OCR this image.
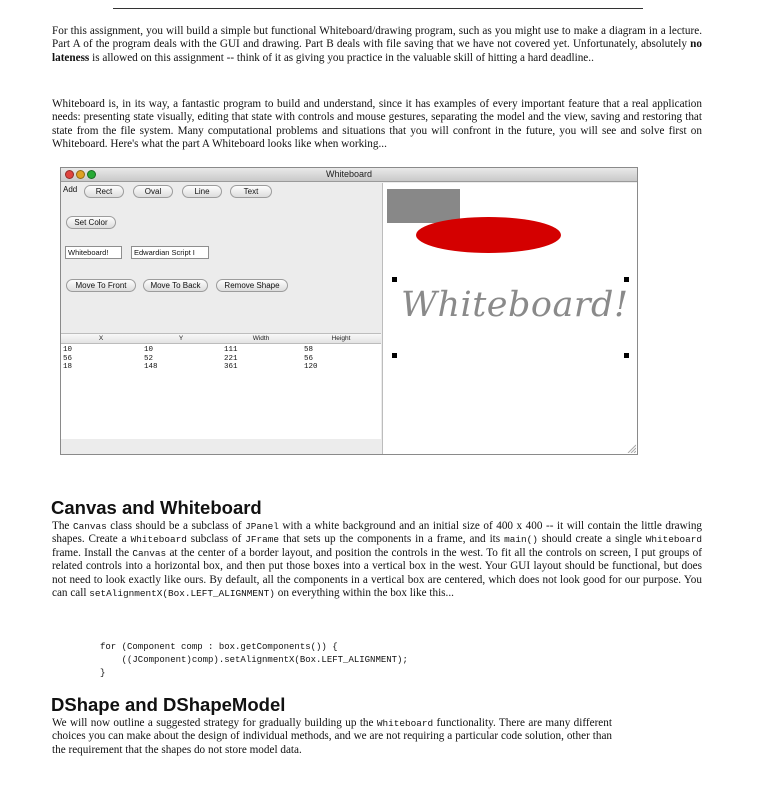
For this assignment, you will build a simple but functional Whiteboard/drawing program, such as you might use to make a diagram in a lecture. Part A of the program deals with the GUI and drawing. Part B deals with file saving that we have not covered yet. Unfortunately, absolutely no lateness is allowed on this assignment -- think of it as giving you practice in the valuable skill of hitting a hard deadline..

Whiteboard is, in its way, a fantastic program to build and understand, since it has examples of every important feature that a real application needs: presenting state visually, editing that state with controls and mouse gestures, separating the model and the view, saving and restoring that state from the file system. Many computational problems and situations that you will confront in the future, you will see and solve first on Whiteboard. Here's what the part A Whiteboard looks like when working...

Whiteboard
Add	Rect	Oval	Line	Text
Set Color
Whiteboard!	Edwardian Script I
Move To Front	Move To Back	Remove Shape
X	Y	Width	Height
10	10	111	58
56	52	221	56
18	148	361	120
Whiteboard!
Canvas and Whiteboard

The Canvas class should be a subclass of JPanel with a white background and an initial size of 400 x 400 -- it will contain the little drawing shapes. Create a Whiteboard subclass of JFrame that sets up the components in a frame, and its main() should create a single Whiteboard frame. Install the Canvas at the center of a border layout, and position the controls in the west. To fit all the controls on screen, I put groups of related controls into a horizontal box, and then put those boxes into a vertical box in the west. Your GUI layout should be functional, but does not need to look exactly like ours. By default, all the components in a vertical box are centered, which does not look good for our purpose. You can call setAlignmentX(Box.LEFT_ALIGNMENT) on everything within the box like this...

for (Component comp : box.getComponents()) {
((JComponent)comp).setAlignmentX(Box.LEFT_ALIGNMENT);
}
DShape and DShapeModel

We will now outline a suggested strategy for gradually building up the Whiteboard functionality. There are many different choices you can make about the design of individual methods, and we are not requiring a particular code solution, other than the requirement that the shapes do not store model data.
